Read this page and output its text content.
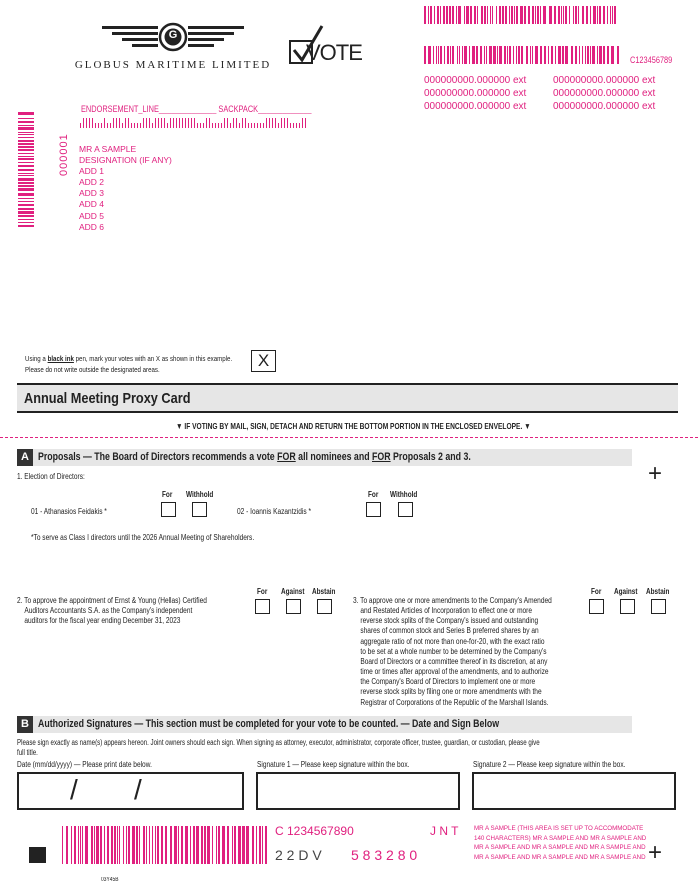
G
GLOBUS MARITIME LIMITED	VOTE	C123456789
000000000.000000 ext
000000000.000000 ext
000000000.000000 ext
000000000.000000 ext
000000000.000000 ext
000000000.000000 ext
ENDORSEMENT_LINE______________ SACKPACK_____________
000001 MR A SAMPLE
DESIGNATION (IF ANY)
ADD 1
ADD 2
ADD 3
ADD 4
ADD 5
ADD 6
Using a black ink pen, mark your votes with an X as shown in this example.
Please do not write outside the designated areas.	X
Annual Meeting Proxy Card
▼ IF VOTING BY MAIL, SIGN, DETACH AND RETURN THE BOTTOM PORTION IN THE ENCLOSED ENVELOPE. ▼
A Proposals — The Board of Directors recommends a vote FOR all nominees and FOR Proposals 2 and 3.
+
1. Election of Directors:
For Withhold
01 - Athanasios Feidakis *
For Withhold
02 - Ioannis Kazantzidis *
*To serve as Class I directors until the 2026 Annual Meeting of Shareholders.
2. To approve the appointment of Ernst & Young (Hellas) Certified
Auditors Accountants S.A. as the Company's independent
auditors for the fiscal year ending December 31, 2023
For Against Abstain
3. To approve one or more amendments to the Company's Amended
and Restated Articles of Incorporation to effect one or more
reverse stock splits of the Company's issued and outstanding
shares of common stock and Series B preferred shares by an
aggregate ratio of not more than one-for-20, with the exact ratio
to be set at a whole number to be determined by the Company's
Board of Directors or a committee thereof in its discretion, at any
time or times after approval of the amendments, and to authorize
the Company's Board of Directors to implement one or more
reverse stock splits by filing one or more amendments with the
Registrar of Corporations of the Republic of the Marshall Islands.
For Against Abstain
B Authorized Signatures — This section must be completed for your vote to be counted. — Date and Sign Below
Please sign exactly as name(s) appears hereon. Joint owners should each sign. When signing as attorney, executor, administrator, corporate officer, trustee, guardian, or custodian, please give
full title.
Date (mm/dd/yyyy) — Please print date below.	Signature 1 — Please keep signature within the box.	Signature 2 — Please keep signature within the box.
/ /
C 1234567890	J N T
2 2 D V 5 8 3 2 8 0
MR A SAMPLE (THIS AREA IS SET UP TO ACCOMMODATE
140 CHARACTERS) MR A SAMPLE AND MR A SAMPLE AND
MR A SAMPLE AND MR A SAMPLE AND MR A SAMPLE AND
MR A SAMPLE AND MR A SAMPLE AND MR A SAMPLE AND +
03Y45B
